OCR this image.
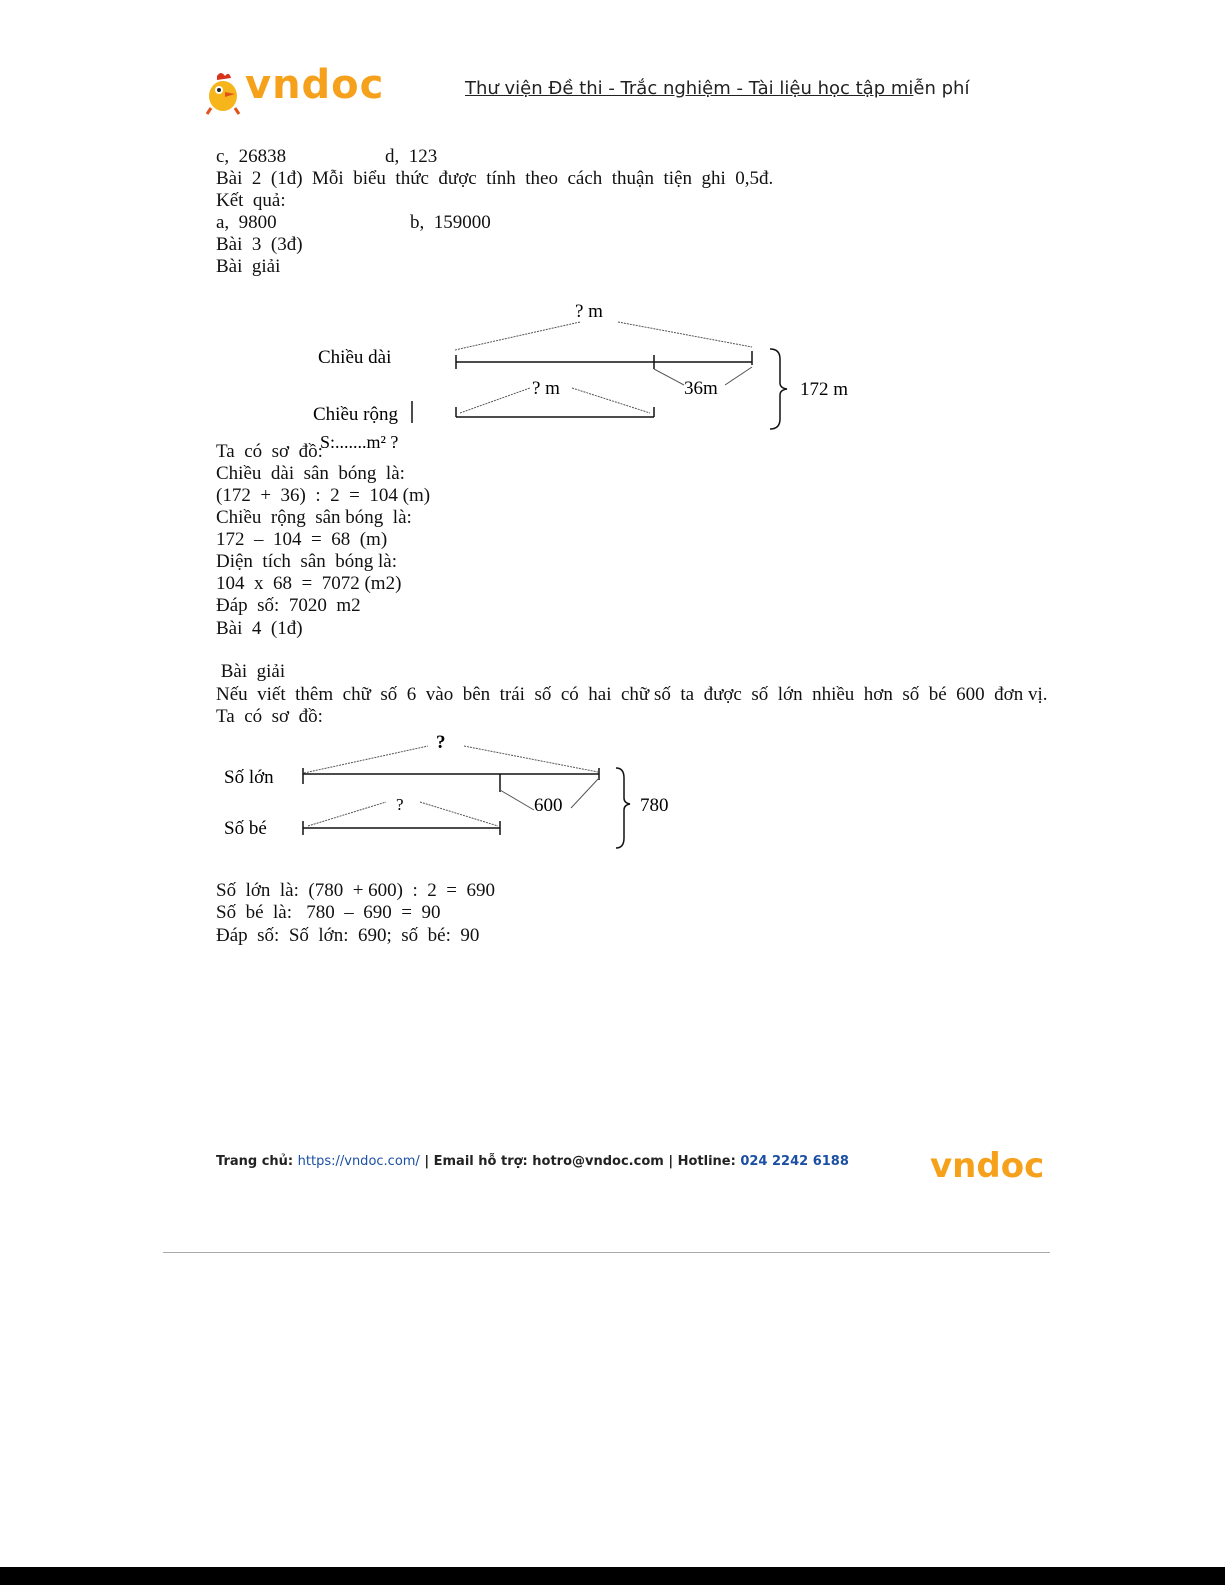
vndoc	Thư viện Đề thi - Trắc nghiệm - Tài liệu học tập miễn phí
c,  26838	d,  123
Bài  2  (1đ)  Mỗi  biểu  thức  được  tính  theo  cách  thuận  tiện  ghi  0,5đ.
Kết  quả:
a,  9800	b,  159000
Bài  3  (3đ)
Bài  giải
? m
Chiều dài
36m
? m
Chiều rộng
172 m
S:.......m² ?
Ta  có  sơ  đồ:
Chiều  dài  sân  bóng  là:
(172  +  36)  :  2  =  104 (m)
Chiều  rộng  sân bóng  là:
172  –  104  =  68  (m)
Diện  tích  sân  bóng là:
104  x  68  =  7072 (m2)
Đáp  số:  7020  m2
Bài  4  (1đ)
Bài  giải
Nếu  viết  thêm  chữ  số  6  vào  bên  trái  số  có  hai  chữ số  ta  được  số  lớn  nhiều  hơn  số  bé  600  đơn vị.
Ta  có  sơ  đồ:
?
Số lớn
600
?
Số bé
780
Số  lớn  là:  (780  + 600)  :  2  =  690
Số  bé  là:   780  –  690  =  90
Đáp  số:  Số  lớn:  690;  số  bé:  90
Trang chủ: https://vndoc.com/ | Email hỗ trợ: hotro@vndoc.com | Hotline: 024 2242 6188 vndoc
